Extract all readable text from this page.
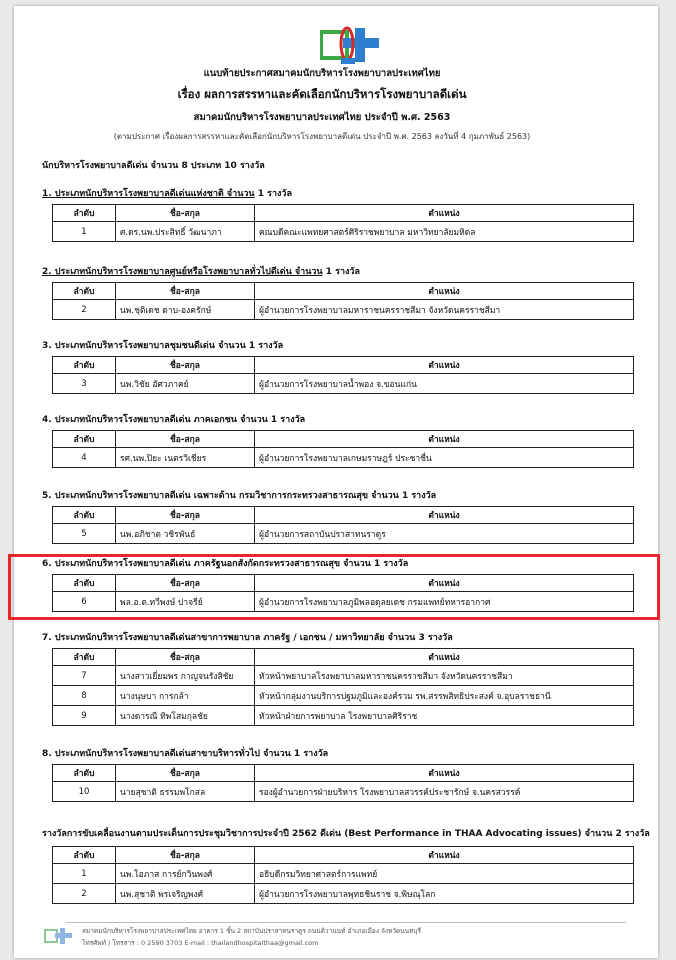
แนบท้ายประกาศสมาคมนักบริหารโรงพยาบาลประเทศไทย
เรื่อง ผลการสรรหาและคัดเลือกนักบริหารโรงพยาบาลดีเด่น
สมาคมนักบริหารโรงพยาบาลประเทศไทย ประจำปี พ.ศ. 2563
(ตามประกาศ เรื่องผลการสรรหาและคัดเลือกนักบริหารโรงพยาบาลดีเด่น ประจำปี พ.ศ. 2563 ลงวันที่ 4 กุมภาพันธ์ 2563)
นักบริหารโรงพยาบาลดีเด่น จำนวน 8 ประเภท 10 รางวัล
1. ประเภทนักบริหารโรงพยาบาลดีเด่นแห่งชาติ จำนวน 1 รางวัล
ลำดับ	ชื่อ-สกุล	ตำแหน่ง
1	ศ.ดร.นพ.ประสิทธิ์ วัฒนาภา	คณบดีคณะแพทยศาสตร์ศิริราชพยาบาล มหาวิทยาลัยมหิดล
2. ประเภทนักบริหารโรงพยาบาลศูนย์หรือโรงพยาบาลทั่วไปดีเด่น จำนวน 1 รางวัล
ลำดับ	ชื่อ-สกุล	ตำแหน่ง
2	นพ.ชุติเดช ดาบ-องครักษ์	ผู้อำนวยการโรงพยาบาลมหาราชนครราชสีมา จังหวัดนครราชสีมา
3. ประเภทนักบริหารโรงพยาบาลชุมชนดีเด่น จำนวน 1 รางวัล
ลำดับ	ชื่อ-สกุล	ตำแหน่ง
3	นพ.วิชัย อัศวภาคย์	ผู้อำนวยการโรงพยาบาลน้ำพอง จ.ขอนแก่น
4. ประเภทนักบริหารโรงพยาบาลดีเด่น ภาคเอกชน จำนวน 1 รางวัล
ลำดับ	ชื่อ-สกุล	ตำแหน่ง
4	รศ.นพ.ปิยะ เนตรวิเชียร	ผู้อำนวยการโรงพยาบาลเกษมราษฎร์ ประชาชื่น
5. ประเภทนักบริหารโรงพยาบาลดีเด่น เฉพาะด้าน กรมวิชาการกระทรวงสาธารณสุข จำนวน 1 รางวัล
ลำดับ	ชื่อ-สกุล	ตำแหน่ง
5	นพ.อภิชาต วชิรพันธ์	ผู้อำนวยการสถาบันปราสาทนราดูร
6. ประเภทนักบริหารโรงพยาบาลดีเด่น ภาครัฐนอกสังกัดกระทรวงสาธารณสุข จำนวน 1 รางวัล
ลำดับ	ชื่อ-สกุล	ตำแหน่ง
6	พล.อ.ต.ทวีพงษ์ ปาจรีย์	ผู้อำนวยการโรงพยาบาลภูมิพลอดุลยเดช กรมแพทย์ทหารอากาศ
7. ประเภทนักบริหารโรงพยาบาลดีเด่นสาขาการพยาบาล ภาครัฐ / เอกชน / มหาวิทยาลัย จำนวน 3 รางวัล
ลำดับ	ชื่อ-สกุล	ตำแหน่ง
7	นางสาวเยี่ยมพร กาญจนรังสิชัย	หัวหน้าพยาบาลโรงพยาบาลมหาราชนครราชสีมา จังหวัดนครราชสีมา
8	นางนุษบา การกล้า	หัวหน้ากลุ่มงานบริการปฐมภูมิและองค์รวม รพ.สรรพสิทธิประสงค์ จ.อุบลราชธานี
9	นางดารณี ทิพโสมกุลชัย	หัวหน้าฝ่ายการพยาบาล โรงพยาบาลศิริราช
8. ประเภทนักบริหารโรงพยาบาลดีเด่นสาขาบริหารทั่วไป จำนวน 1 รางวัล
ลำดับ	ชื่อ-สกุล	ตำแหน่ง
10	นายสุชาติ ธรรมพโกสล	รองผู้อำนวยการฝ่ายบริหาร โรงพยาบาลสวรรค์ประชารักษ์ จ.นครสวรรค์
รางวัลการขับเคลื่อนงานตามประเด็นการประชุมวิชาการประจำปี 2562 ดีเด่น (Best Performance in THAA Advocating issues) จำนวน 2 รางวัล
ลำดับ	ชื่อ-สกุล	ตำแหน่ง
1	นพ.โอภาส การย์กวินพงศ์	อธิบดีกรมวิทยาศาสตร์การแพทย์
2	นพ.สุชาติ พรเจริญพงศ์	ผู้อำนวยการโรงพยาบาลพุทธชินราช จ.พิษณุโลก
สมาคมนักบริหารโรงพยาบาลประเทศไทย อาคาร 1 ชั้น 2 สถาบันปราสาทนราดูร ถนนติวานนท์ อำเภอเมือง จังหวัดนนทบุรี
โทรศัพท์ / โทรสาร : 0 2590 3703 E-mail : thailandhospitalthaa@gmail.com
